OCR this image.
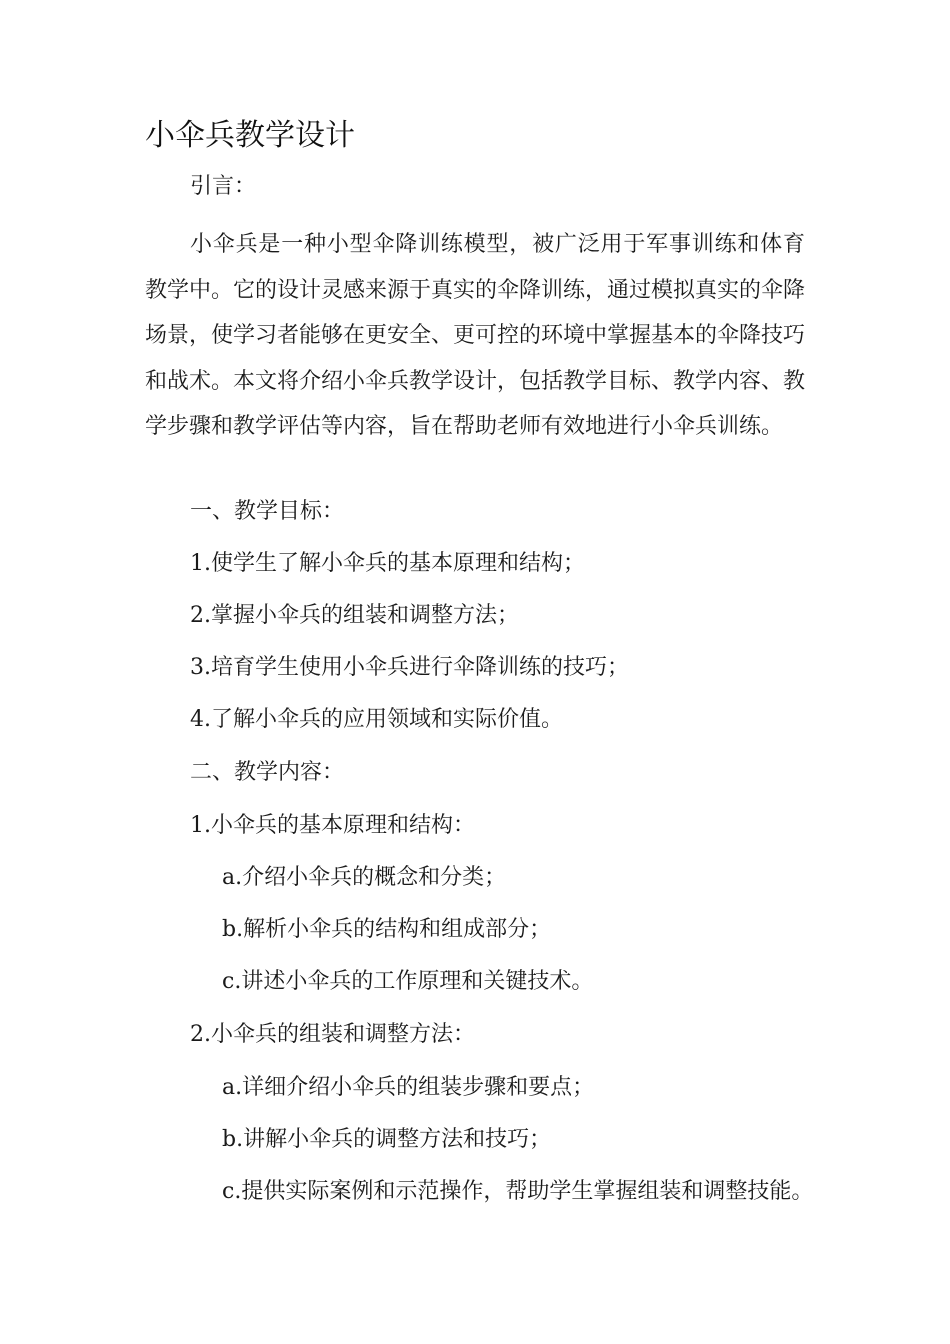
小伞兵教学设计
引言：

小伞兵是一种小型伞降训练模型，被广泛用于军事训练和体育教学中。它的设计灵感来源于真实的伞降训练，通过模拟真实的伞降场景，使学习者能够在更安全、更可控的环境中掌握基本的伞降技巧和战术。本文将介绍小伞兵教学设计，包括教学目标、教学内容、教学步骤和教学评估等内容，旨在帮助老师有效地进行小伞兵训练。

一、教学目标：
1.使学生了解小伞兵的基本原理和结构；
2.掌握小伞兵的组装和调整方法；
3.培育学生使用小伞兵进行伞降训练的技巧；
4.了解小伞兵的应用领域和实际价值。
二、教学内容：
1.小伞兵的基本原理和结构：
a.介绍小伞兵的概念和分类；
b.解析小伞兵的结构和组成部分；
c.讲述小伞兵的工作原理和关键技术。
2.小伞兵的组装和调整方法：
a.详细介绍小伞兵的组装步骤和要点；
b.讲解小伞兵的调整方法和技巧；
c.提供实际案例和示范操作，帮助学生掌握组装和调整技能。
